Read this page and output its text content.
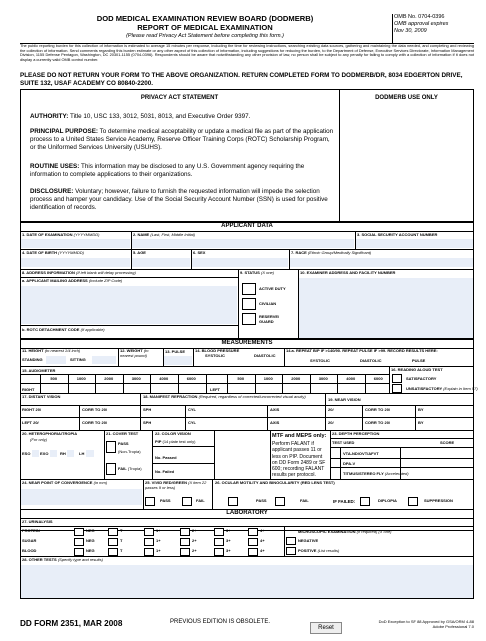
DOD MEDICAL EXAMINATION REVIEW BOARD (DODMERB)
REPORT OF MEDICAL EXAMINATION
(Please read Privacy Act Statement before completing this form.)
OMB No. 0704-0396
OMB approval expires
Nov 30, 2009
The public reporting burden for this collection of information is estimated to average 15 minutes per response, including the time for reviewing instructions, searching existing data sources, gathering and maintaining the data needed, and completing and reviewing the collection of information. Send comments regarding this burden estimate or any other aspect of this collection of information, including suggestions for reducing the burden, to the Department of Defense, Executive Services Directorate, Information Management Division, 1155 Defense Pentagon, Washington, DC 20301-1155 (0704-0396). Respondents should be aware that notwithstanding any other provision of law, no person shall be subject to any penalty for failing to comply with a collection of information if it does not display a currently valid OMB control number.
PLEASE DO NOT RETURN YOUR FORM TO THE ABOVE ORGANIZATION. RETURN COMPLETED FORM TO DODMERB/DR, 8034 EDGERTON DRIVE, SUITE 132, USAF ACADEMY CO 80840-2200.
PRIVACY ACT STATEMENT	DODMERB USE ONLY
AUTHORITY: Title 10, USC 133, 3012, 5031, 8013, and Executive Order 9397.
PRINCIPAL PURPOSE: To determine medical acceptability or update a medical file as part of the application process to a United States Service Academy, Reserve Officer Training Corps (ROTC) Scholarship Program, or the Uniformed Services University (USUHS).
ROUTINE USES: This information may be disclosed to any U.S. Government agency requiring the information to complete applications to their organizations.
DISCLOSURE: Voluntary; however, failure to furnish the requested information will impede the selection process and hamper your candidacy. Use of the Social Security Account Number (SSN) is used for positive identification of records.
APPLICANT DATA
1. DATE OF EXAMINATION (YYYYMMDD)	2. NAME (Last, First, Middle Initial)	3. SOCIAL SECURITY ACCOUNT NUMBER
4. DATE OF BIRTH (YYYYMMDD)	5. AGE	6. SEX	7. RACE (Ethnic Group/Medically Significant)
8. ADDRESS INFORMATION (If left blank will delay processing)
a. APPLICANT MAILING ADDRESS (Include ZIP Code)
b. ROTC DETACHMENT CODE (If applicable)
9. STATUS (X one)
ACTIVE DUTY
CIVILIAN
RESERVE/ GUARD
10. EXAMINER ADDRESS AND FACILITY NUMBER
MEASUREMENTS
11. HEIGHT (to nearest 1/4 inch)
STANDING	SITTING
12. WEIGHT (to nearest pound)
13. PULSE 14. BLOOD PRESSURE
SYSTOLIC	DIASTOLIC
14.a. REPEAT B/P IF >140/90. REPEAT PULSE IF >99. RECORD RESULTS HERE:
SYSTOLIC	DIASTOLIC	PULSE
15. AUDIOMETER
500	1000	2000	3000	4000	6000	500	1000	2000	3000	4000	6000
RIGHT	LEFT
16. READING ALOUD TEST
SATISFACTORY
UNSATISFACTORY (Explain in Item 57)
17. DISTANT VISION	18. MANIFEST REFRACTION (Required, regardless of corrected/uncorrected visual acuity)
19. NEAR VISION
RIGHT 20/	CORR TO 20/	SPH	CYL	AXIS	20/	CORR TO 20/	BY
LEFT 20/	CORR TO 20/	SPH	CYL	AXIS	20/	CORR TO 20/	BY
20. HETEROPHORIA/TROPIA
(For only)
ESO EXO	RH	LH
21. COVER TEST
PASS
(Non-Tropia)
FAIL (Tropia)
22. COLOR VISION
PIP (14 plate test only)
No. Passed
No. Failed
MTF and MEPS only:
Perform FALANT if applicant passes 11 or less on PIP. Document on DD Form 2489 or SF 600; recording FALANT results per protocol.
23. DEPTH PERCEPTION
TEST USED	SCORE
VTA-ND/OVT/AFVT
DPA-V
TITMUS/STEREO FLY (Accelerated)
24. NEAR POINT OF CONVERGENCE (in mm)	25. VIVID RED/GREEN (X item 22 passes 9 or less)
PASS	FAIL
26. OCULAR MOTILITY AND BINOCULARITY (RED LENS TEST)
PASS	FAIL	IF FAILED:	DIPLOPIA	SUPPRESSION
LABORATORY
27. URINALYSIS
PROTEIN	NEG	T	1+	2+	3+	4+
SUGAR	NEG	T	1+	2+	3+	4+
BLOOD	NEG	T	1+	2+	3+	4+
MICROSCOPIC EXAMINATION (If required) (X one)
NEGATIVE
POSITIVE (List results)
28. OTHER TESTS (Specify type and results)
DD FORM 2351, MAR 2008	PREVIOUS EDITION IS OBSOLETE.
Reset
DoD Exception to SF 88 Approved by GSA/ORM 4-88
Adobe Professional 7.0
